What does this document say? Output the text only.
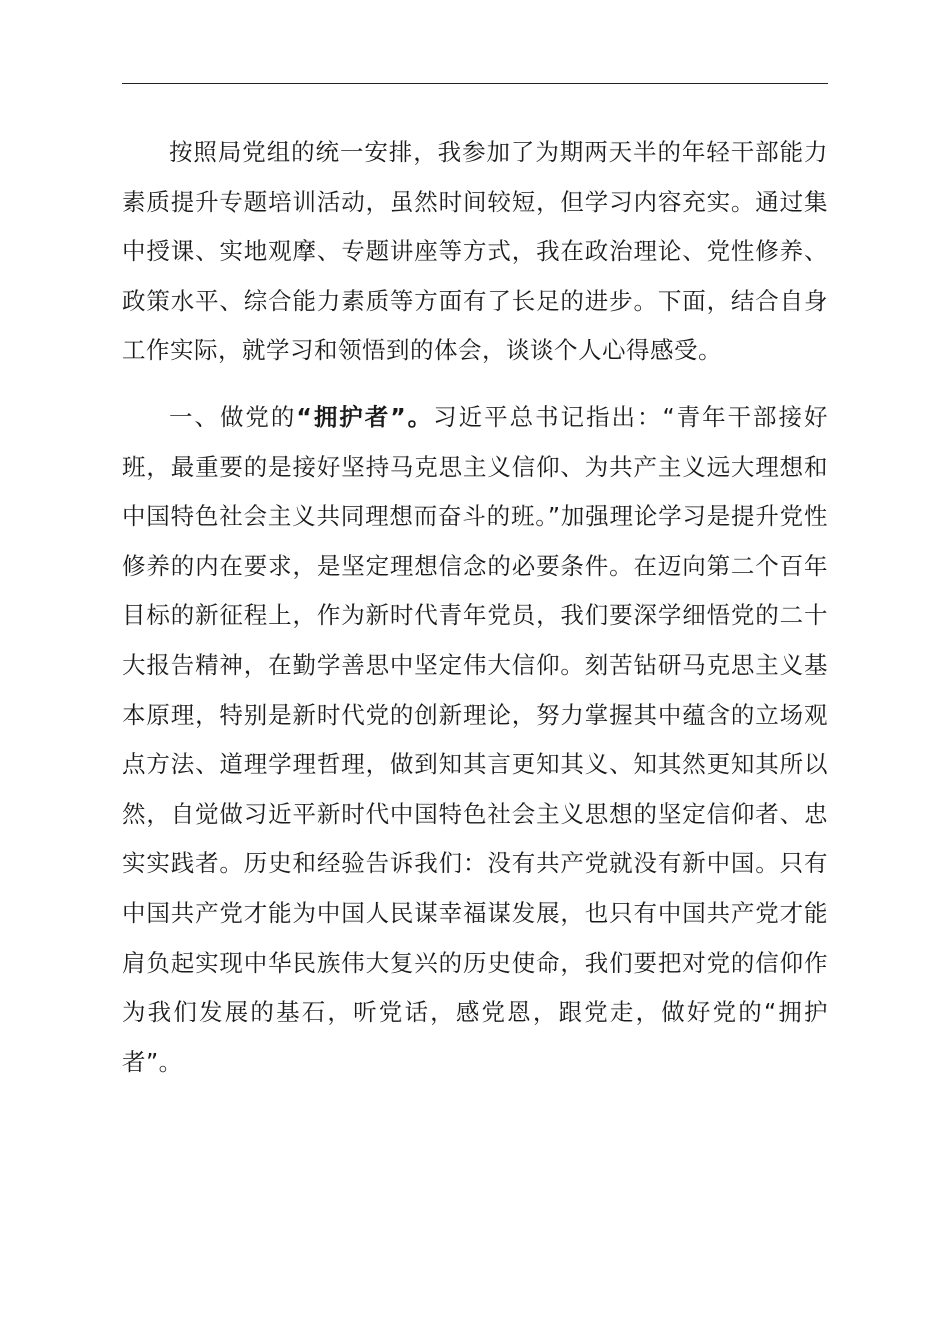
按照局党组的统一安排，我参加了为期两天半的年轻干部能力素质提升专题培训活动，虽然时间较短，但学习内容充实。通过集中授课、实地观摩、专题讲座等方式，我在政治理论、党性修养、政策水平、综合能力素质等方面有了长足的进步。下面，结合自身工作实际，就学习和领悟到的体会，谈谈个人心得感受。

一、做党的“拥护者”。习近平总书记指出：“青年干部接好班，最重要的是接好坚持马克思主义信仰、为共产主义远大理想和中国特色社会主义共同理想而奋斗的班。”加强理论学习是提升党性修养的内在要求，是坚定理想信念的必要条件。在迈向第二个百年目标的新征程上，作为新时代青年党员，我们要深学细悟党的二十大报告精神，在勤学善思中坚定伟大信仰。刻苦钻研马克思主义基本原理，特别是新时代党的创新理论，努力掌握其中蕴含的立场观点方法、道理学理哲理，做到知其言更知其义、知其然更知其所以然，自觉做习近平新时代中国特色社会主义思想的坚定信仰者、忠实实践者。历史和经验告诉我们：没有共产党就没有新中国。只有中国共产党才能为中国人民谋幸福谋发展，也只有中国共产党才能肩负起实现中华民族伟大复兴的历史使命，我们要把对党的信仰作为我们发展的基石，听党话，感党恩，跟党走，做好党的“拥护者”。
